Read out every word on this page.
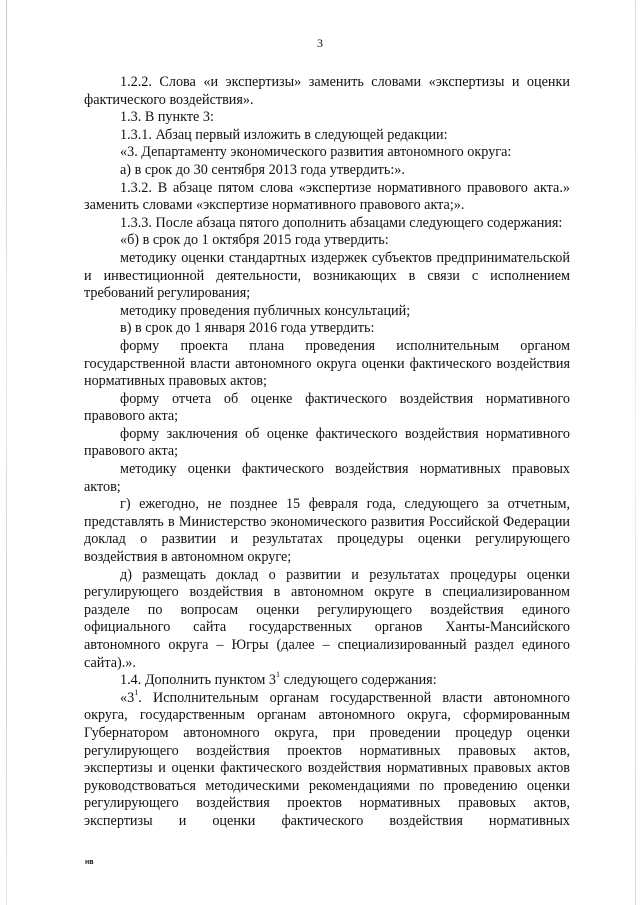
3

1.2.2. Слова «и экспертизы» заменить словами «экспертизы и оценки фактического воздействия».

1.3. В пункте 3:

1.3.1. Абзац первый изложить в следующей редакции:

«3. Департаменту экономического развития автономного округа:

а) в срок до 30 сентября 2013 года утвердить:».

1.3.2. В абзаце пятом слова «экспертизе нормативного правового акта.» заменить словами «экспертизе нормативного правового акта;».

1.3.3. После абзаца пятого дополнить абзацами следующего содержания:

«б) в срок до 1 октября 2015 года утвердить:

методику оценки стандартных издержек субъектов предпринимательской и инвестиционной деятельности, возникающих в связи с исполнением требований регулирования;

методику проведения публичных консультаций;

в) в срок до 1 января 2016 года утвердить:

форму проекта плана проведения исполнительным органом государственной власти автономного округа оценки фактического воздействия нормативных правовых актов;

форму отчета об оценке фактического воздействия нормативного правового акта;

форму заключения об оценке фактического воздействия нормативного правового акта;

методику оценки фактического воздействия нормативных правовых актов;

г) ежегодно, не позднее 15 февраля года, следующего за отчетным, представлять в Министерство экономического развития Российской Федерации доклад о развитии и результатах процедуры оценки регулирующего воздействия в автономном округе;

д) размещать доклад о развитии и результатах процедуры оценки регулирующего воздействия в автономном округе в специализированном разделе по вопросам оценки регулирующего воздействия единого официального сайта государственных органов Ханты-Мансийского автономного округа – Югры (далее – специализированный раздел единого сайта).».

1.4. Дополнить пунктом $3^1$ следующего содержания:

«$3^1$. Исполнительным органам государственной власти автономного округа, государственным органам автономного округа, сформированным Губернатором автономного округа, при проведении процедур оценки регулирующего воздействия проектов нормативных правовых актов, экспертизы и оценки фактического воздействия нормативных правовых актов руководствоваться методическими рекомендациями по проведению оценки регулирующего воздействия проектов нормативных правовых актов, экспертизы и оценки фактического воздействия нормативных

нв
